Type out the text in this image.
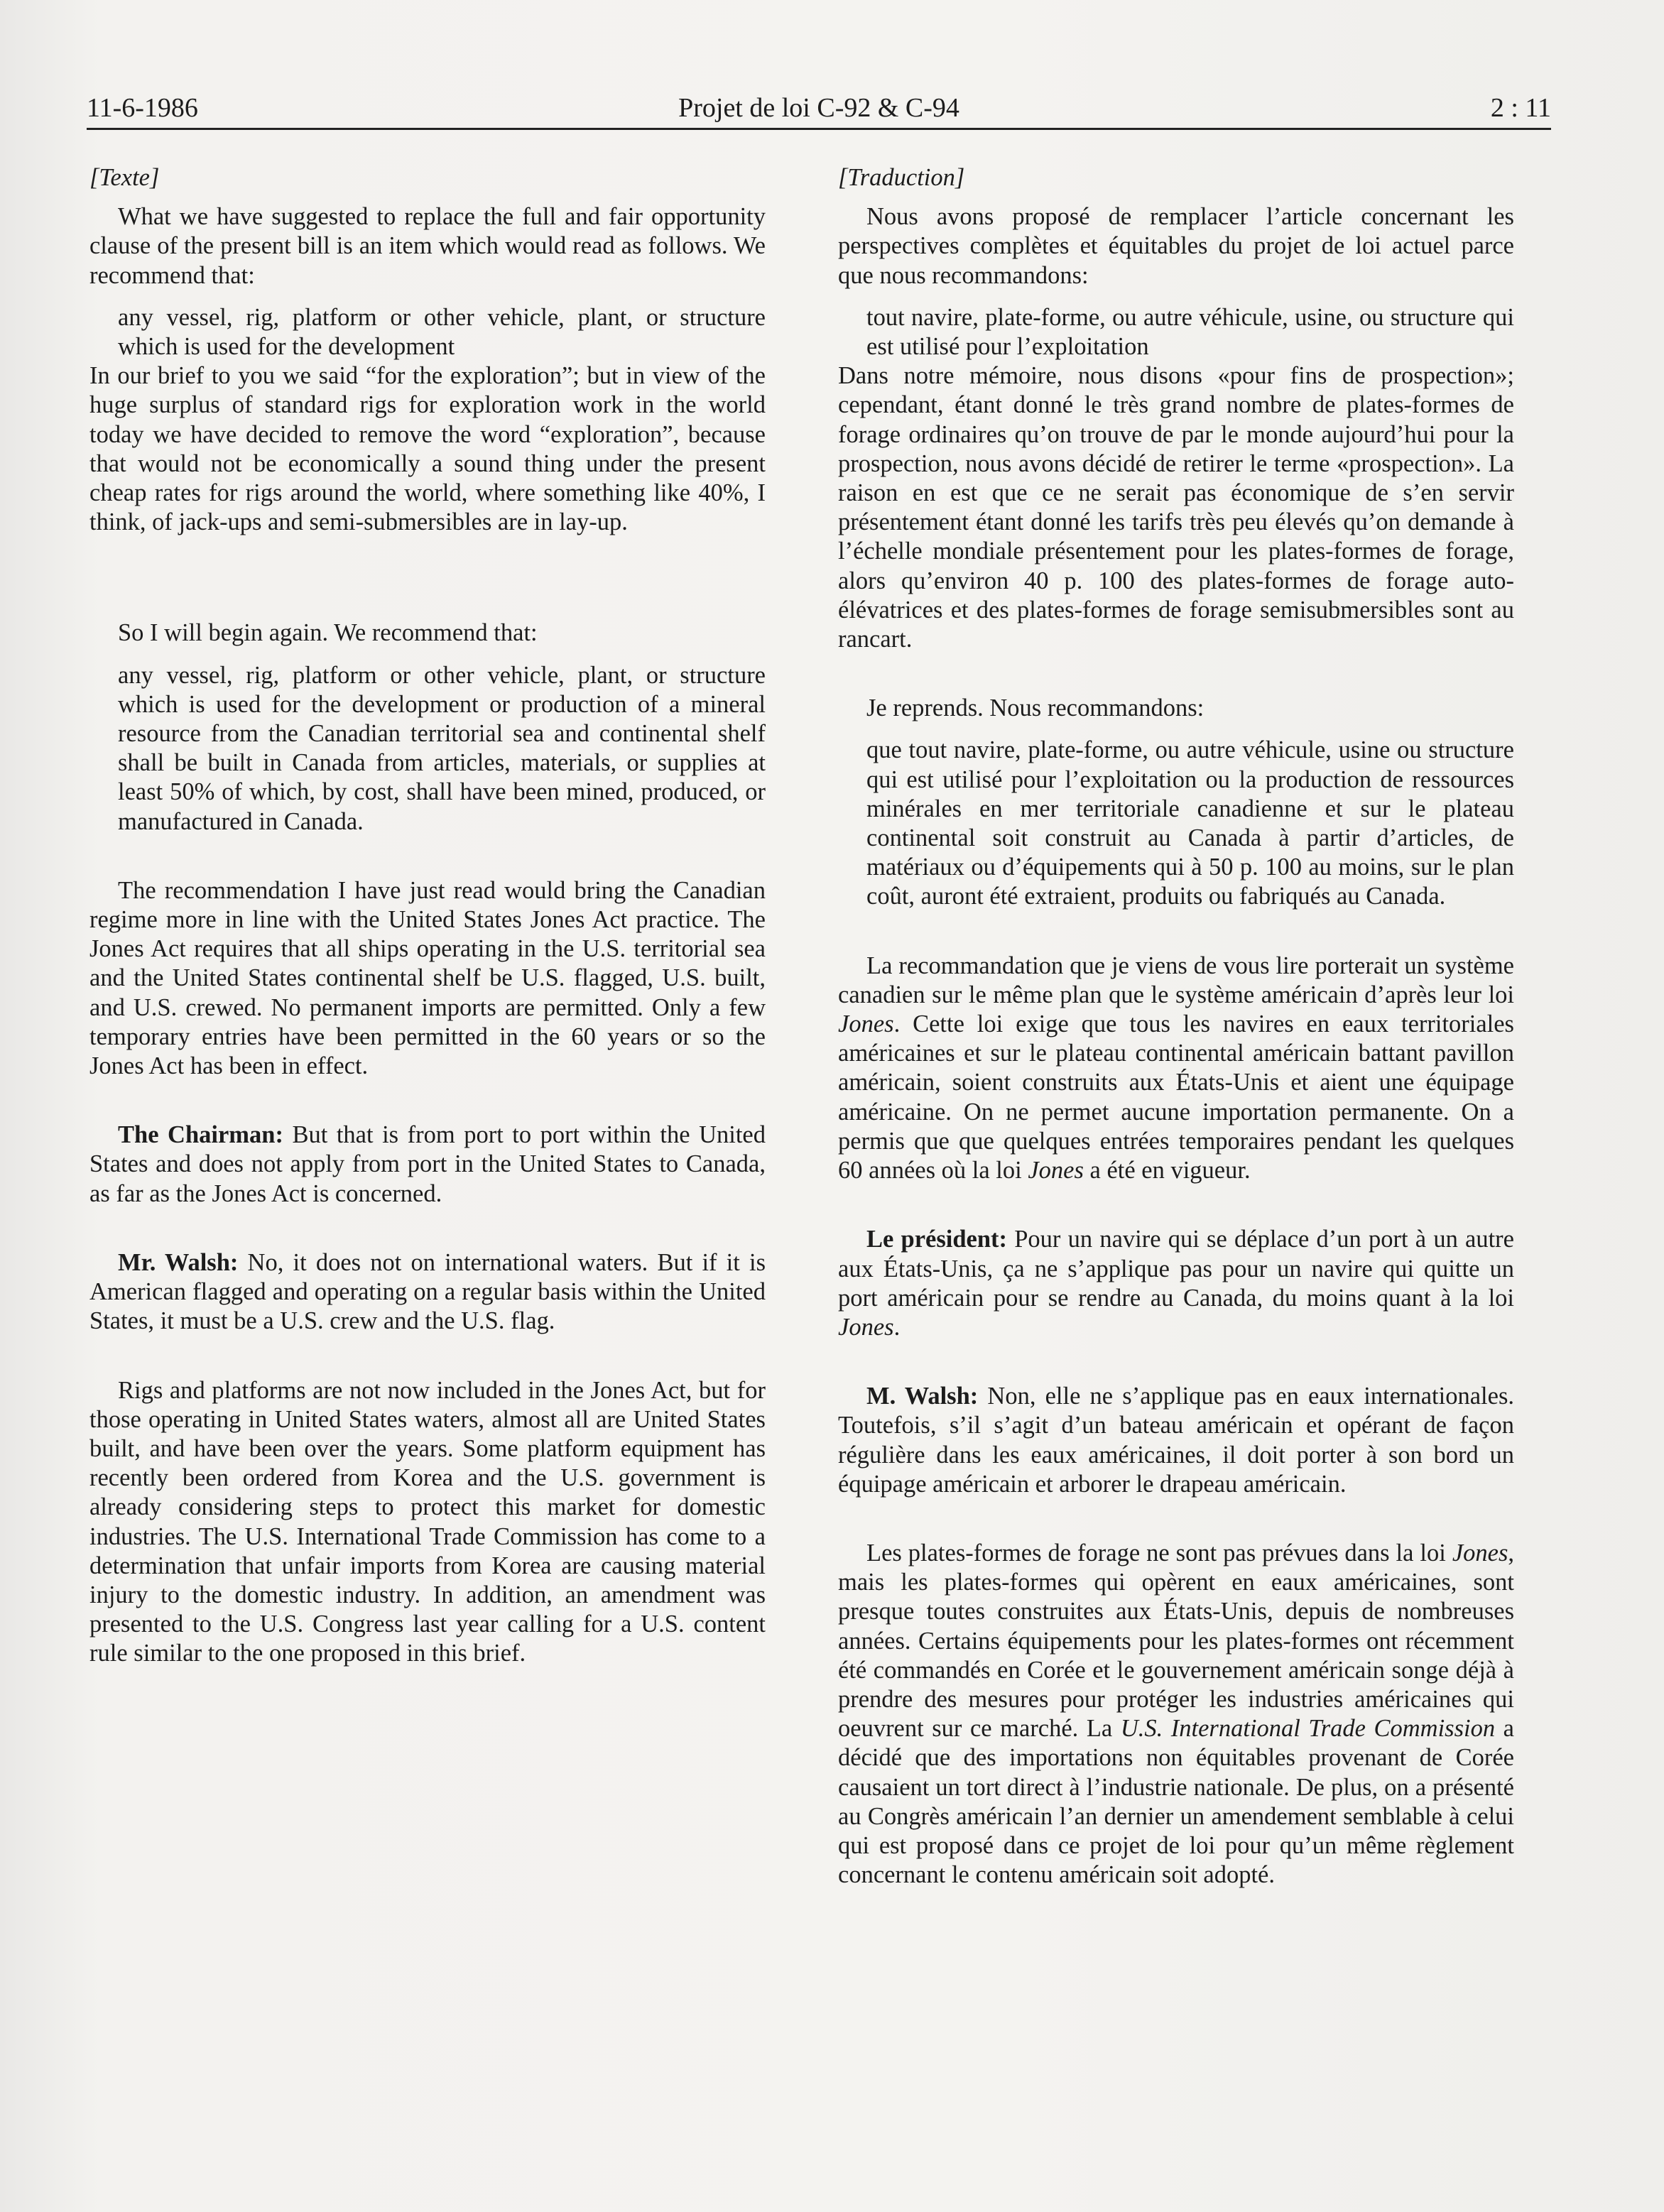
11-6-1986	Projet de loi C-92 & C-94	2 : 11

[Texte]

What we have suggested to replace the full and fair opportunity clause of the present bill is an item which would read as follows. We recommend that:

any vessel, rig, platform or other vehicle, plant, or structure which is used for the development

In our brief to you we said “for the exploration”; but in view of the huge surplus of standard rigs for exploration work in the world today we have decided to remove the word “exploration”, because that would not be economically a sound thing under the present cheap rates for rigs around the world, where something like 40%, I think, of jack-ups and semi-submersibles are in lay-up.

So I will begin again. We recommend that:

any vessel, rig, platform or other vehicle, plant, or structure which is used for the development or production of a mineral resource from the Canadian territorial sea and continental shelf shall be built in Canada from articles, materials, or supplies at least 50% of which, by cost, shall have been mined, produced, or manufactured in Canada.

The recommendation I have just read would bring the Canadian regime more in line with the United States Jones Act practice. The Jones Act requires that all ships operating in the U.S. territorial sea and the United States continental shelf be U.S. flagged, U.S. built, and U.S. crewed. No permanent imports are permitted. Only a few temporary entries have been permitted in the 60 years or so the Jones Act has been in effect.

The Chairman: But that is from port to port within the United States and does not apply from port in the United States to Canada, as far as the Jones Act is concerned.

Mr. Walsh: No, it does not on international waters. But if it is American flagged and operating on a regular basis within the United States, it must be a U.S. crew and the U.S. flag.

Rigs and platforms are not now included in the Jones Act, but for those operating in United States waters, almost all are United States built, and have been over the years. Some platform equipment has recently been ordered from Korea and the U.S. government is already considering steps to protect this market for domestic industries. The U.S. International Trade Commission has come to a determination that unfair imports from Korea are causing material injury to the domestic industry. In addition, an amendment was presented to the U.S. Congress last year calling for a U.S. content rule similar to the one proposed in this brief.

[Traduction]

Nous avons proposé de remplacer l’article concernant les perspectives complètes et équitables du projet de loi actuel parce que nous recommandons:

tout navire, plate-forme, ou autre véhicule, usine, ou structure qui est utilisé pour l’exploitation

Dans notre mémoire, nous disons «pour fins de prospection»; cependant, étant donné le très grand nombre de plates-formes de forage ordinaires qu’on trouve de par le monde aujourd’hui pour la prospection, nous avons décidé de retirer le terme «prospection». La raison en est que ce ne serait pas économique de s’en servir présentement étant donné les tarifs très peu élevés qu’on demande à l’échelle mondiale présentement pour les plates-formes de forage, alors qu’environ 40 p. 100 des plates-formes de forage auto-élévatrices et des plates-formes de forage semisubmersibles sont au rancart.

Je reprends. Nous recommandons:

que tout navire, plate-forme, ou autre véhicule, usine ou structure qui est utilisé pour l’exploitation ou la production de ressources minérales en mer territoriale canadienne et sur le plateau continental soit construit au Canada à partir d’articles, de matériaux ou d’équipements qui à 50 p. 100 au moins, sur le plan coût, auront été extraient, produits ou fabriqués au Canada.

La recommandation que je viens de vous lire porterait un système canadien sur le même plan que le système américain d’après leur loi Jones. Cette loi exige que tous les navires en eaux territoriales américaines et sur le plateau continental américain battant pavillon américain, soient construits aux États-Unis et aient une équipage américaine. On ne permet aucune importation permanente. On a permis que que quelques entrées temporaires pendant les quelques 60 années où la loi Jones a été en vigueur.

Le président: Pour un navire qui se déplace d’un port à un autre aux États-Unis, ça ne s’applique pas pour un navire qui quitte un port américain pour se rendre au Canada, du moins quant à la loi Jones.

M. Walsh: Non, elle ne s’applique pas en eaux internationales. Toutefois, s’il s’agit d’un bateau américain et opérant de façon régulière dans les eaux américaines, il doit porter à son bord un équipage américain et arborer le drapeau américain.

Les plates-formes de forage ne sont pas prévues dans la loi Jones, mais les plates-formes qui opèrent en eaux américaines, sont presque toutes construites aux États-Unis, depuis de nombreuses années. Certains équipements pour les plates-formes ont récemment été commandés en Corée et le gouvernement américain songe déjà à prendre des mesures pour protéger les industries américaines qui oeuvrent sur ce marché. La U.S. International Trade Commission a décidé que des importations non équitables provenant de Corée causaient un tort direct à l’industrie nationale. De plus, on a présenté au Congrès américain l’an dernier un amendement semblable à celui qui est proposé dans ce projet de loi pour qu’un même règlement concernant le contenu américain soit adopté.
